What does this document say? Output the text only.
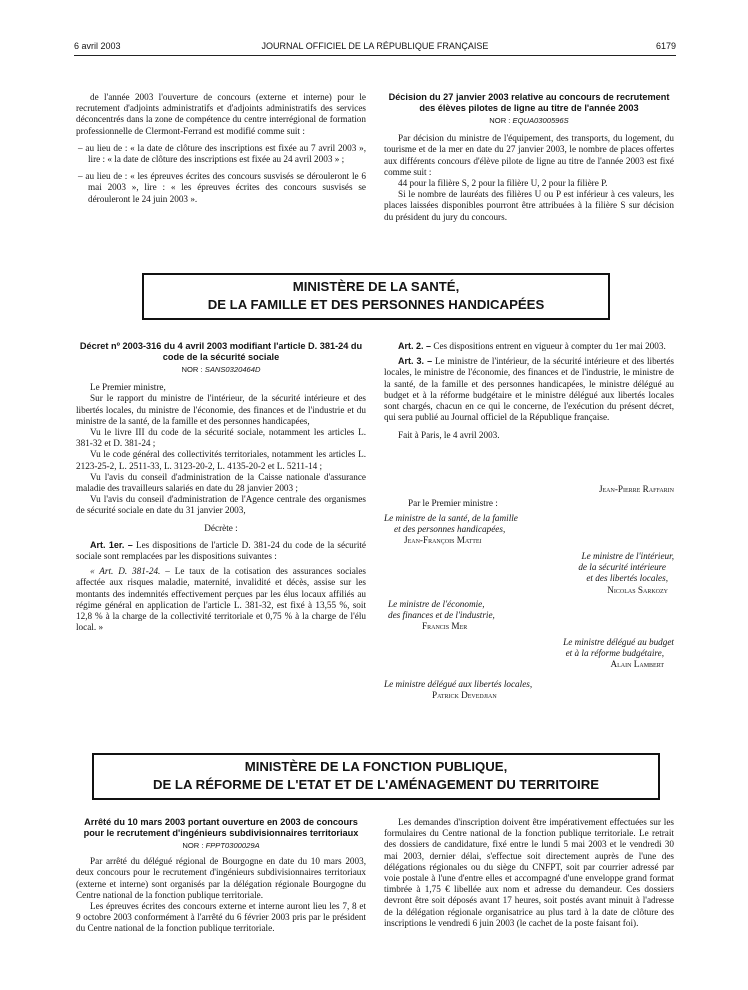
6 avril 2003	JOURNAL OFFICIEL DE LA RÉPUBLIQUE FRANÇAISE	6179

de l'année 2003 l'ouverture de concours (externe et interne) pour le recrutement d'adjoints administratifs et d'adjoints administratifs des services déconcentrés dans la zone de compétence du centre interrégional de formation professionnelle de Clermont-Ferrand est modifié comme suit :

– au lieu de : « la date de clôture des inscriptions est fixée au 7 avril 2003 », lire : « la date de clôture des inscriptions est fixée au 24 avril 2003 » ;

– au lieu de : « les épreuves écrites des concours susvisés se dérouleront le 6 mai 2003 », lire : « les épreuves écrites des concours susvisés se dérouleront le 24 juin 2003 ».

Décision du 27 janvier 2003 relative au concours de recrutement des élèves pilotes de ligne au titre de l'année 2003
NOR : EQUA0300596S

Par décision du ministre de l'équipement, des transports, du logement, du tourisme et de la mer en date du 27 janvier 2003, le nombre de places offertes aux différents concours d'élève pilote de ligne au titre de l'année 2003 est fixé comme suit :

44 pour la filière S, 2 pour la filière U, 2 pour la filière P.

Si le nombre de lauréats des filières U ou P est inférieur à ces valeurs, les places laissées disponibles pourront être attribuées à la filière S sur décision du président du jury du concours.

MINISTÈRE DE LA SANTÉ,
DE LA FAMILLE ET DES PERSONNES HANDICAPÉES
Décret nº 2003-316 du 4 avril 2003 modifiant l'article D. 381-24 du code de la sécurité sociale
NOR : SANS0320464D

Le Premier ministre,

Sur le rapport du ministre de l'intérieur, de la sécurité intérieure et des libertés locales, du ministre de l'économie, des finances et de l'industrie et du ministre de la santé, de la famille et des personnes handicapées,

Vu le livre III du code de la sécurité sociale, notamment les articles L. 381-32 et D. 381-24 ;

Vu le code général des collectivités territoriales, notamment les articles L. 2123-25-2, L. 2511-33, L. 3123-20-2, L. 4135-20-2 et L. 5211-14 ;

Vu l'avis du conseil d'administration de la Caisse nationale d'assurance maladie des travailleurs salariés en date du 28 janvier 2003 ;

Vu l'avis du conseil d'administration de l'Agence centrale des organismes de sécurité sociale en date du 31 janvier 2003,

Décrète :

Art. 1er. – Les dispositions de l'article D. 381-24 du code de la sécurité sociale sont remplacées par les dispositions suivantes :

« Art. D. 381-24. – Le taux de la cotisation des assurances sociales affectée aux risques maladie, maternité, invalidité et décès, assise sur les montants des indemnités effectivement perçues par les élus locaux affiliés au régime général en application de l'article L. 381-32, est fixé à 13,55 %, soit 12,8 % à la charge de la collectivité territoriale et 0,75 % à la charge de l'élu local. »

Art. 2. – Ces dispositions entrent en vigueur à compter du 1er mai 2003.

Art. 3. – Le ministre de l'intérieur, de la sécurité intérieure et des libertés locales, le ministre de l'économie, des finances et de l'industrie, le ministre de la santé, de la famille et des personnes handicapées, le ministre délégué au budget et à la réforme budgétaire et le ministre délégué aux libertés locales sont chargés, chacun en ce qui le concerne, de l'exécution du présent décret, qui sera publié au Journal officiel de la République française.

Fait à Paris, le 4 avril 2003.

Jean-Pierre Raffarin
Par le Premier ministre :
Le ministre de la santé, de la famille
et des personnes handicapées,
Jean-François Mattei
Le ministre de l'intérieur,
de la sécurité intérieure
et des libertés locales,
Nicolas Sarkozy
Le ministre de l'économie,
des finances et de l'industrie,
Francis Mer
Le ministre délégué au budget
et à la réforme budgétaire,
Alain Lambert
Le ministre délégué aux libertés locales,
Patrick Devedjian
MINISTÈRE DE LA FONCTION PUBLIQUE,
DE LA RÉFORME DE L'ETAT ET DE L'AMÉNAGEMENT DU TERRITOIRE
Arrêté du 10 mars 2003 portant ouverture en 2003 de concours pour le recrutement d'ingénieurs subdivisionnaires territoriaux
NOR : FPPT0300029A

Par arrêté du délégué régional de Bourgogne en date du 10 mars 2003, deux concours pour le recrutement d'ingénieurs subdivisionnaires territoriaux (externe et interne) sont organisés par la délégation régionale Bourgogne du Centre national de la fonction publique territoriale.

Les épreuves écrites des concours externe et interne auront lieu les 7, 8 et 9 octobre 2003 conformément à l'arrêté du 6 février 2003 pris par le président du Centre national de la fonction publique territoriale.

Les demandes d'inscription doivent être impérativement effectuées sur les formulaires du Centre national de la fonction publique territoriale. Le retrait des dossiers de candidature, fixé entre le lundi 5 mai 2003 et le vendredi 30 mai 2003, dernier délai, s'effectue soit directement auprès de l'une des délégations régionales ou du siège du CNFPT, soit par courrier adressé par voie postale à l'une d'entre elles et accompagné d'une enveloppe grand format timbrée à 1,75 € libellée aux nom et adresse du demandeur. Ces dossiers devront être soit déposés avant 17 heures, soit postés avant minuit à l'adresse de la délégation régionale organisatrice au plus tard à la date de clôture des inscriptions le vendredi 6 juin 2003 (le cachet de la poste faisant foi).
